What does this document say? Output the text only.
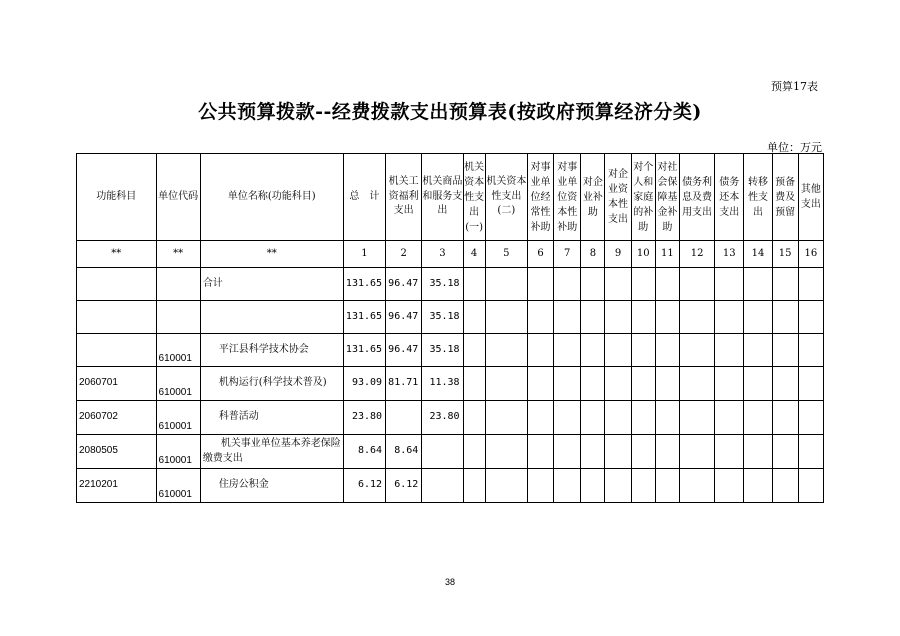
预算17表
公共预算拨款--经费拨款支出预算表(按政府预算经济分类)
单位：万元
功能科目	单位代码	单位名称(功能科目)	总　计	机关工资福利支出	机关商品和服务支出	机关资本性支出(一)	机关资本性支出(二)	对事业单位经常性补助	对事业单位资本性补助	对企业补助	对企业资本性支出	对个人和家庭的补助	对社会保障基金补助	债务利息及费用支出	债务还本支出	转移性支出	预备费及预留	其他支出
**	**	**	1	2	3	4	5	6	7	8	9	10	11	12	13	14	15	16
		合计	131.65	96.47	35.18													
			131.65	96.47	35.18													
	610001	平江县科学技术协会	131.65	96.47	35.18													
2060701	610001	机构运行(科学技术普及)	93.09	81.71	11.38													
2060702	610001	科普活动	23.80		23.80													
2080505	610001	机关事业单位基本养老保险缴费支出	8.64	8.64														
2210201	610001	住房公积金	6.12	6.12														
38
